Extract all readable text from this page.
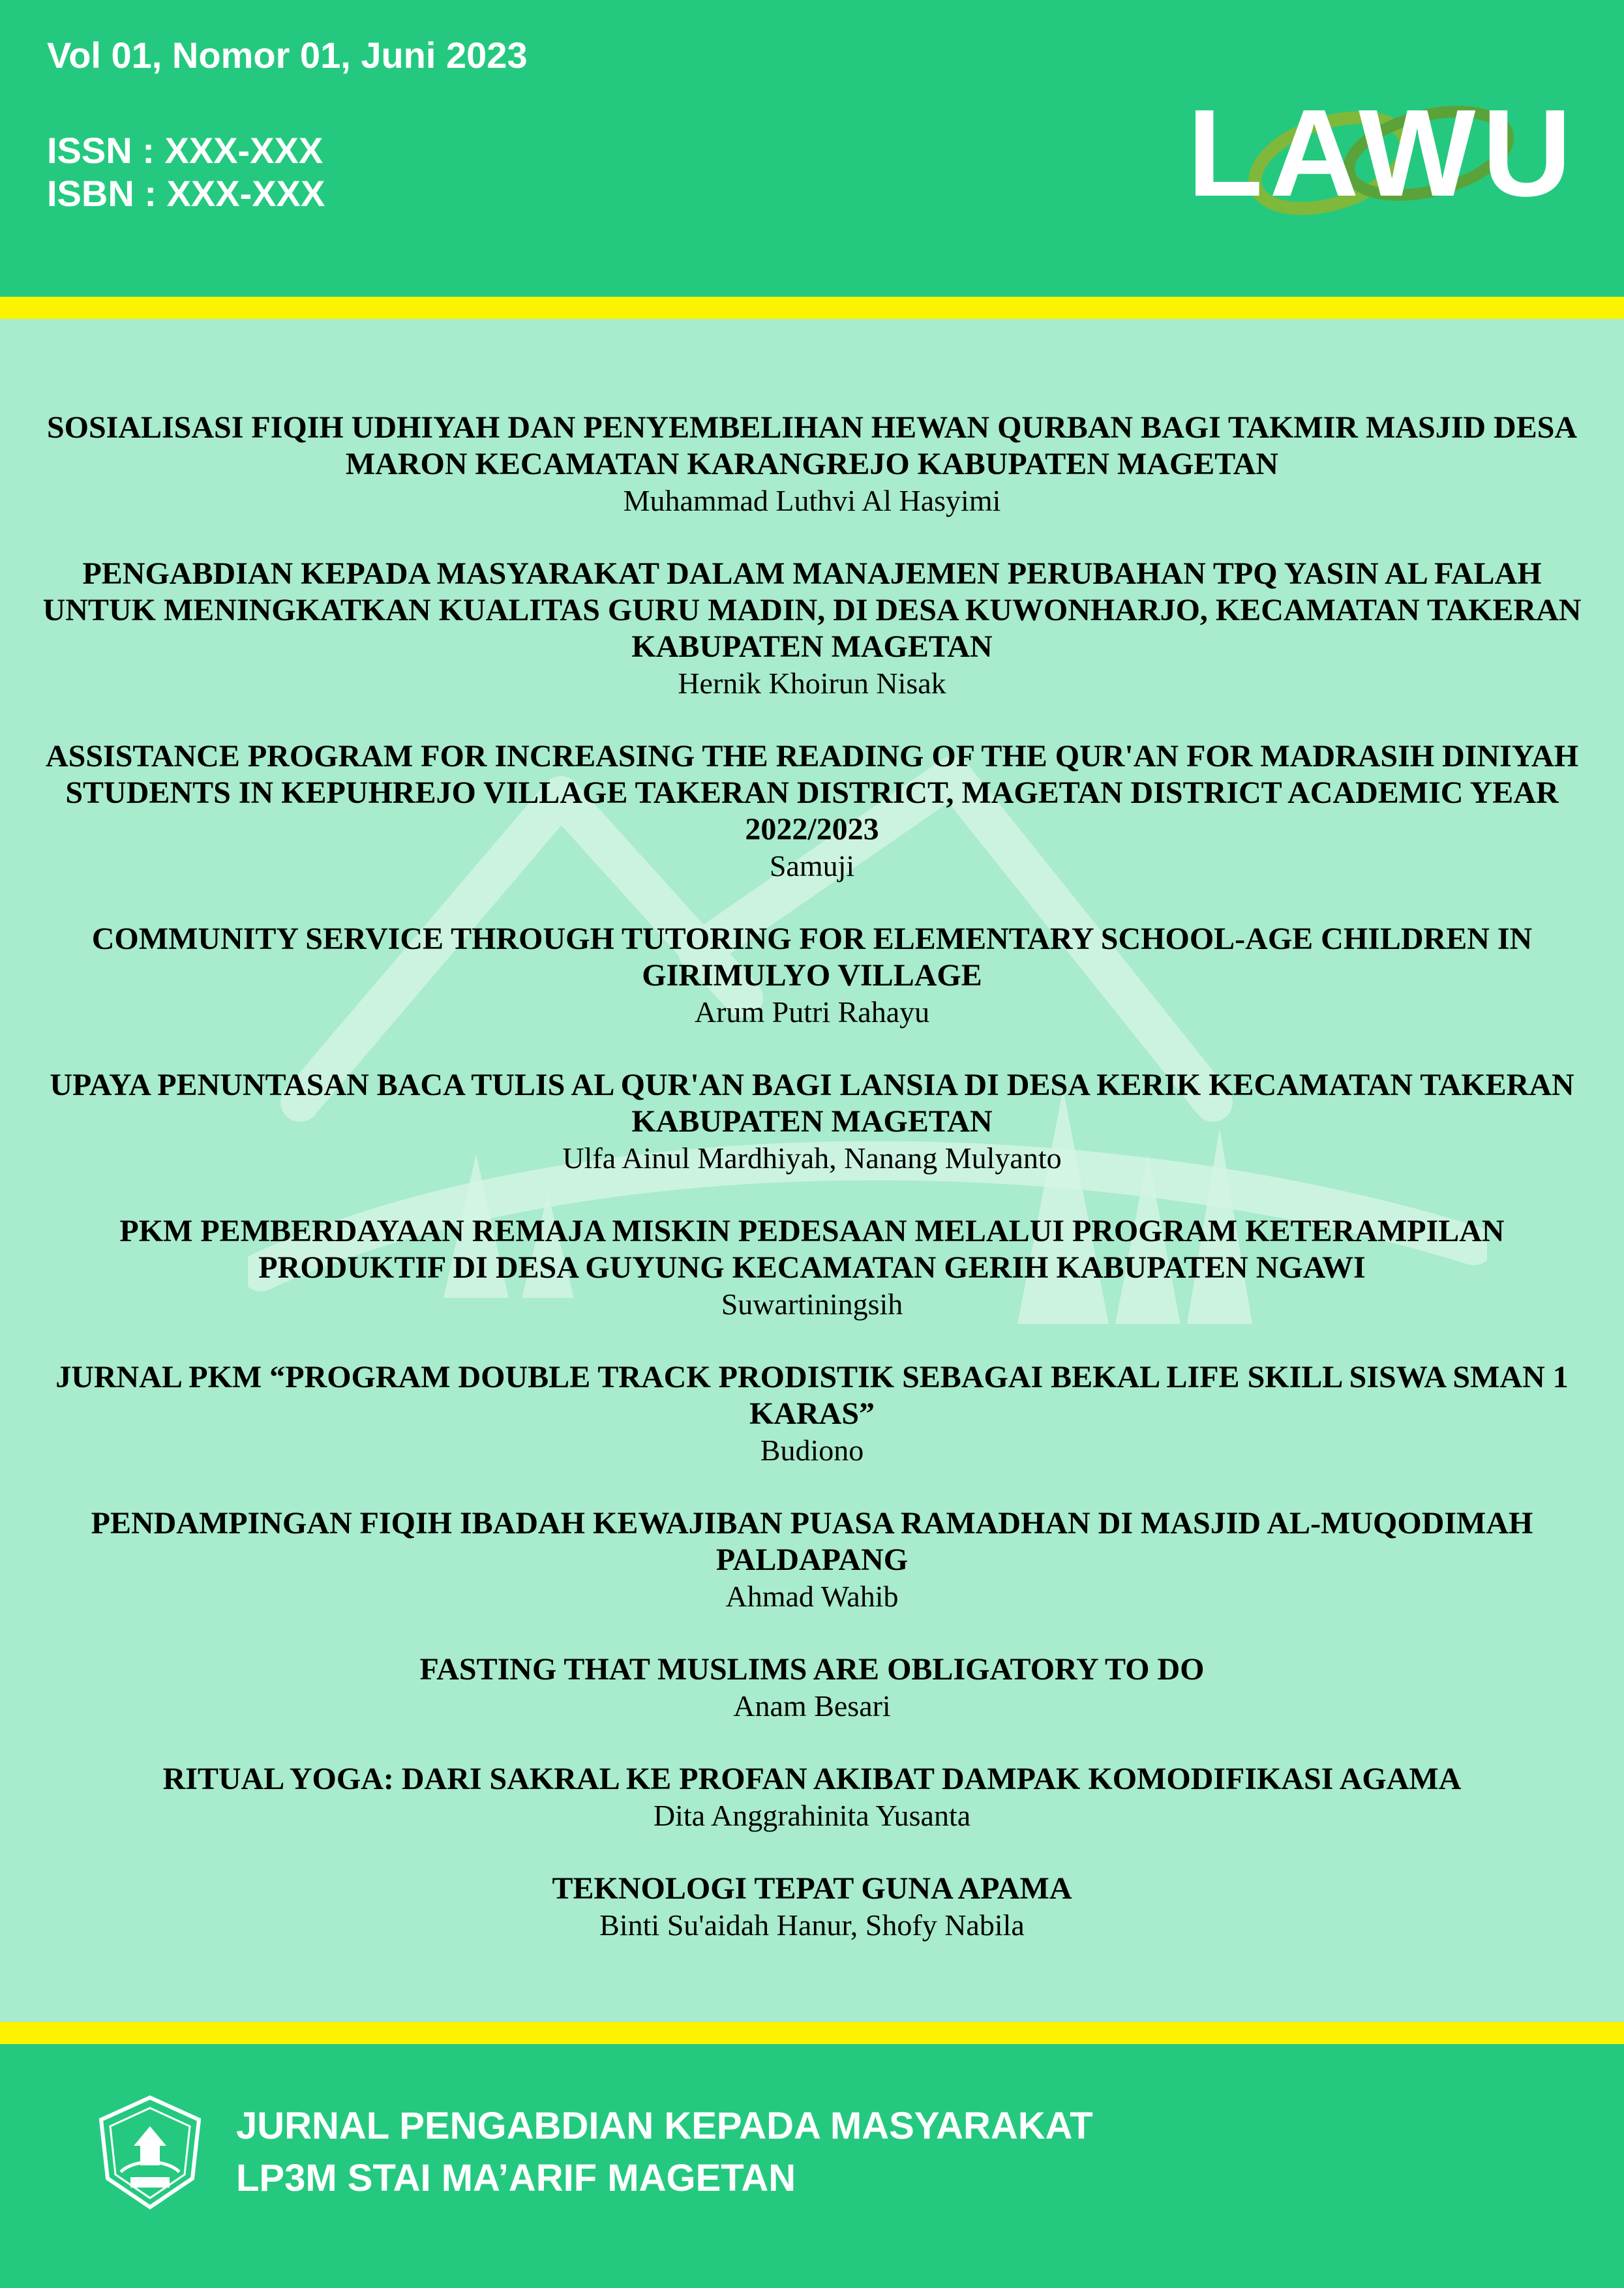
Vol 01, Nomor 01, Juni 2023
ISSN : XXX-XXX
ISBN : XXX-XXX	LAWU

SOSIALISASI FIQIH UDHIYAH DAN PENYEMBELIHAN HEWAN QURBAN BAGI TAKMIR MASJID DESA MARON KECAMATAN KARANGREJO KABUPATEN MAGETAN

Muhammad Luthvi Al Hasyimi

PENGABDIAN KEPADA MASYARAKAT DALAM MANAJEMEN PERUBAHAN TPQ YASIN AL FALAH UNTUK MENINGKATKAN KUALITAS GURU MADIN, DI DESA KUWONHARJO, KECAMATAN TAKERAN KABUPATEN MAGETAN

Hernik Khoirun Nisak

ASSISTANCE PROGRAM FOR INCREASING THE READING OF THE QUR'AN FOR MADRASIH DINIYAH STUDENTS IN KEPUHREJO VILLAGE TAKERAN DISTRICT, MAGETAN DISTRICT ACADEMIC YEAR 2022/2023

Samuji

COMMUNITY SERVICE THROUGH TUTORING FOR ELEMENTARY SCHOOL-AGE CHILDREN IN GIRIMULYO VILLAGE

Arum Putri Rahayu

UPAYA PENUNTASAN BACA TULIS AL QUR'AN BAGI LANSIA DI DESA KERIK KECAMATAN TAKERAN KABUPATEN MAGETAN

Ulfa Ainul Mardhiyah, Nanang Mulyanto

PKM PEMBERDAYAAN REMAJA MISKIN PEDESAAN MELALUI PROGRAM KETERAMPILAN PRODUKTIF DI DESA GUYUNG KECAMATAN GERIH KABUPATEN NGAWI

Suwartiningsih

JURNAL PKM “PROGRAM DOUBLE TRACK PRODISTIK SEBAGAI BEKAL LIFE SKILL SISWA SMAN 1 KARAS”

Budiono

PENDAMPINGAN FIQIH IBADAH KEWAJIBAN PUASA RAMADHAN DI MASJID AL-MUQODIMAH PALDAPANG

Ahmad Wahib

FASTING THAT MUSLIMS ARE OBLIGATORY TO DO

Anam Besari

RITUAL YOGA: DARI SAKRAL KE PROFAN AKIBAT DAMPAK KOMODIFIKASI AGAMA

Dita Anggrahinita Yusanta

TEKNOLOGI TEPAT GUNA APAMA

Binti Su'aidah Hanur, Shofy Nabila

JURNAL PENGABDIAN KEPADA MASYARAKAT
LP3M STAI MA’ARIF MAGETAN
